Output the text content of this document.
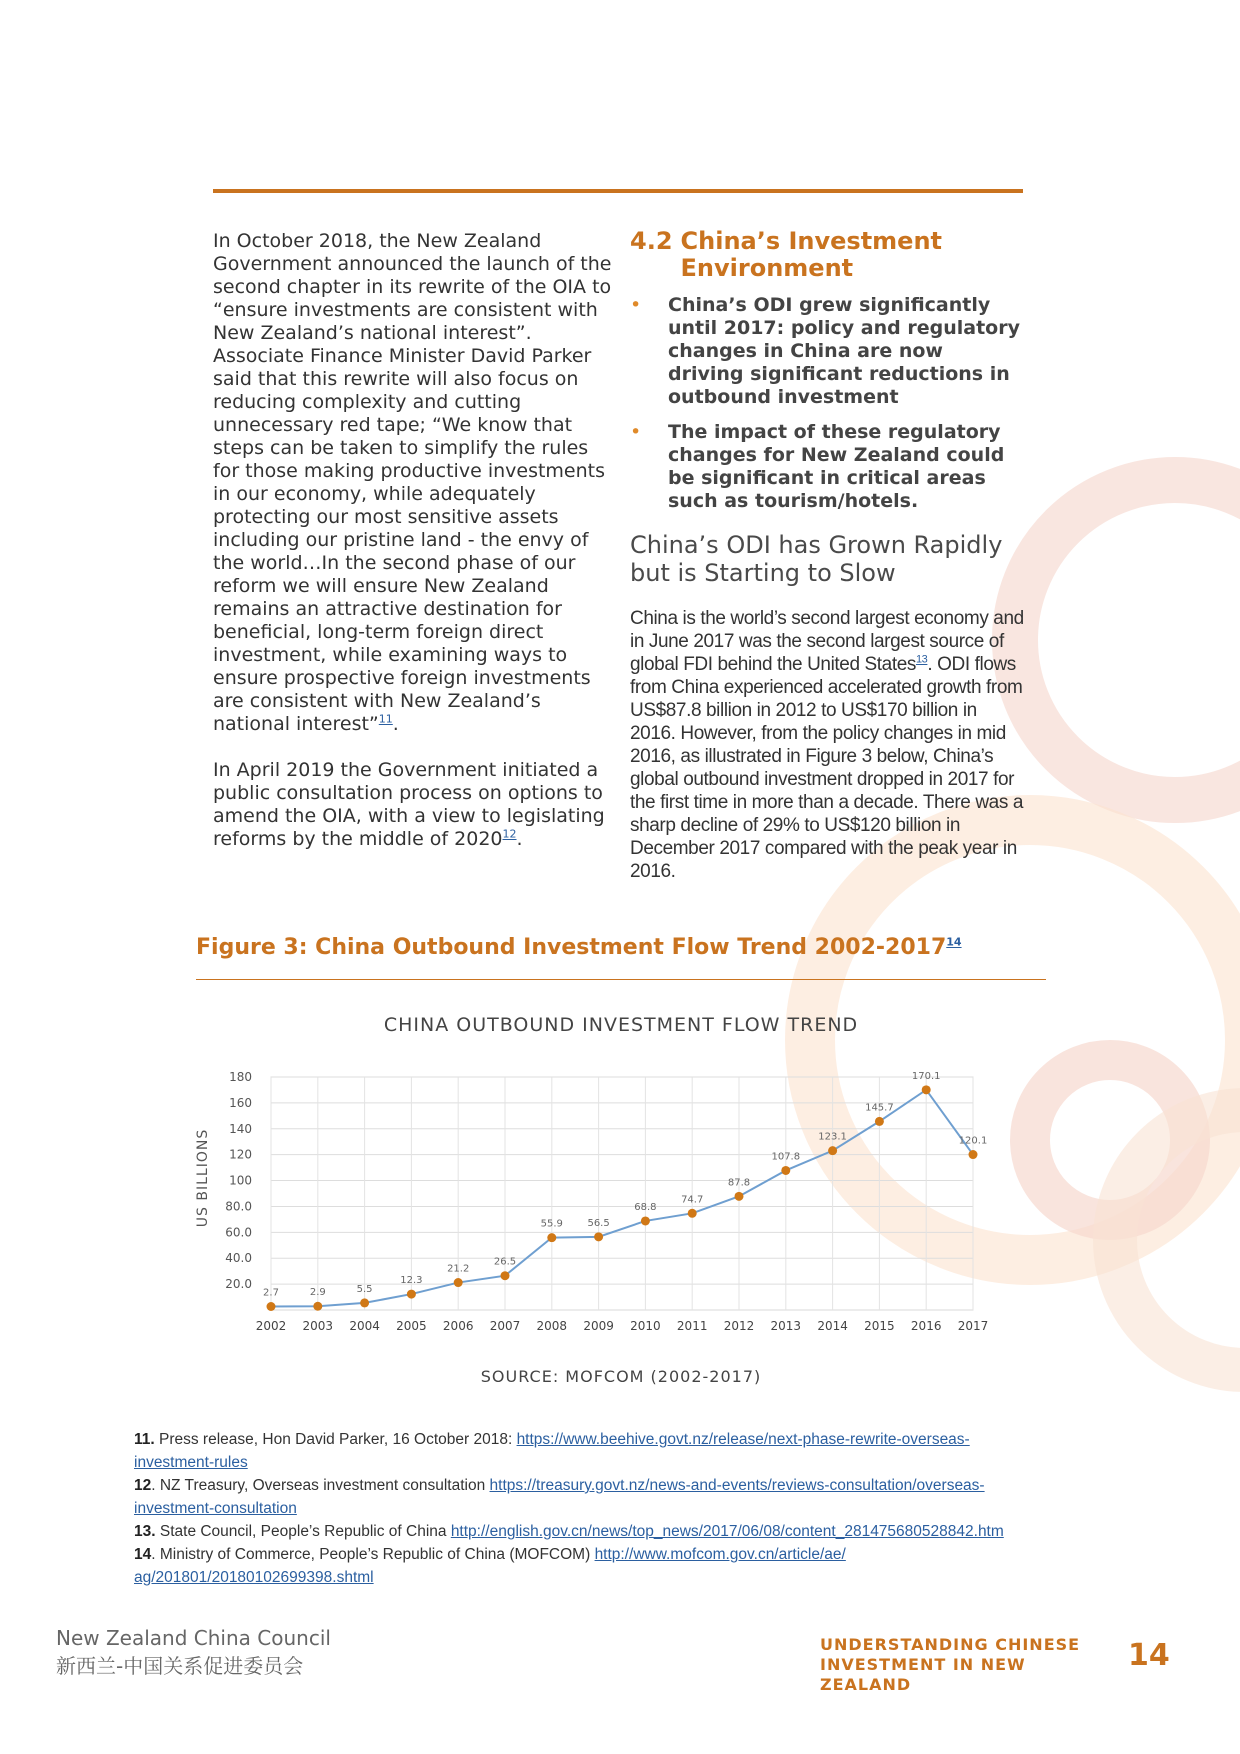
In October 2018, the New Zealand Government announced the launch of the second chapter in its rewrite of the OIA to “ensure investments are consistent with New Zealand’s national interest”. Associate Finance Minister David Parker said that this rewrite will also focus on reducing complexity and cutting unnecessary red tape; “We know that steps can be taken to simplify the rules for those making productive investments in our economy, while adequately protecting our most sensitive assets including our pristine land - the envy of the world…In the second phase of our reform we will ensure New Zealand remains an attractive destination for beneficial, long-term foreign direct investment, while examining ways to ensure prospective foreign investments are consistent with New Zealand’s national interest”$^{11}$.

In April 2019 the Government initiated a public consultation process on options to amend the OIA, with a view to legislating reforms by the middle of 2020$^{12}$.

4.2 China’s Investment Environment
• China’s ODI grew significantly until 2017: policy and regulatory changes in China are now driving significant reductions in outbound investment
• The impact of these regulatory changes for New Zealand could be significant in critical areas such as tourism/hotels.
China’s ODI has Grown Rapidly but is Starting to Slow

China is the world’s second largest economy and in June 2017 was the second largest source of global FDI behind the United States$^{13}$. ODI flows from China experienced accelerated growth from US$87.8 billion in 2012 to US$170 billion in 2016. However, from the policy changes in mid 2016, as illustrated in Figure 3 below, China’s global outbound investment dropped in 2017 for the first time in more than a decade. There was a sharp decline of 29% to US$120 billion in December 2017 compared with the peak year in 2016.

Figure 3: China Outbound Investment Flow Trend 2002-2017$^{14}$
CHINA OUTBOUND INVESTMENT FLOW TREND
US BILLIONS
20.0
40.0
60.0
80.0
100
120
140
160
180
2002 2003 2004 2005 2006 2007 2008 2009 2010 2011 2012 2013 2014 2015 2016 2017
2.7	2.9	5.5
12.3
21.2
26.5
55.9 56.5
68.8
74.7
87.8
107.8
123.1
145.7
170.1
120.1
SOURCE: MOFCOM (2002-2017)

11. Press release, Hon David Parker, 16 October 2018: https://www.beehive.govt.nz/release/next-phase-rewrite-overseas-
investment-rules

12. NZ Treasury, Overseas investment consultation https://treasury.govt.nz/news-and-events/reviews-consultation/overseas-
investment-consultation

13. State Council, People’s Republic of China http://english.gov.cn/news/top_news/2017/06/08/content_281475680528842.htm

14. Ministry of Commerce, People’s Republic of China (MOFCOM) http://www.mofcom.gov.cn/article/ae/
ag/201801/20180102699398.shtml

New Zealand China Council
新西兰-中国关系促进委员会
UNDERSTANDING CHINESE
INVESTMENT IN NEW ZEALAND
14
